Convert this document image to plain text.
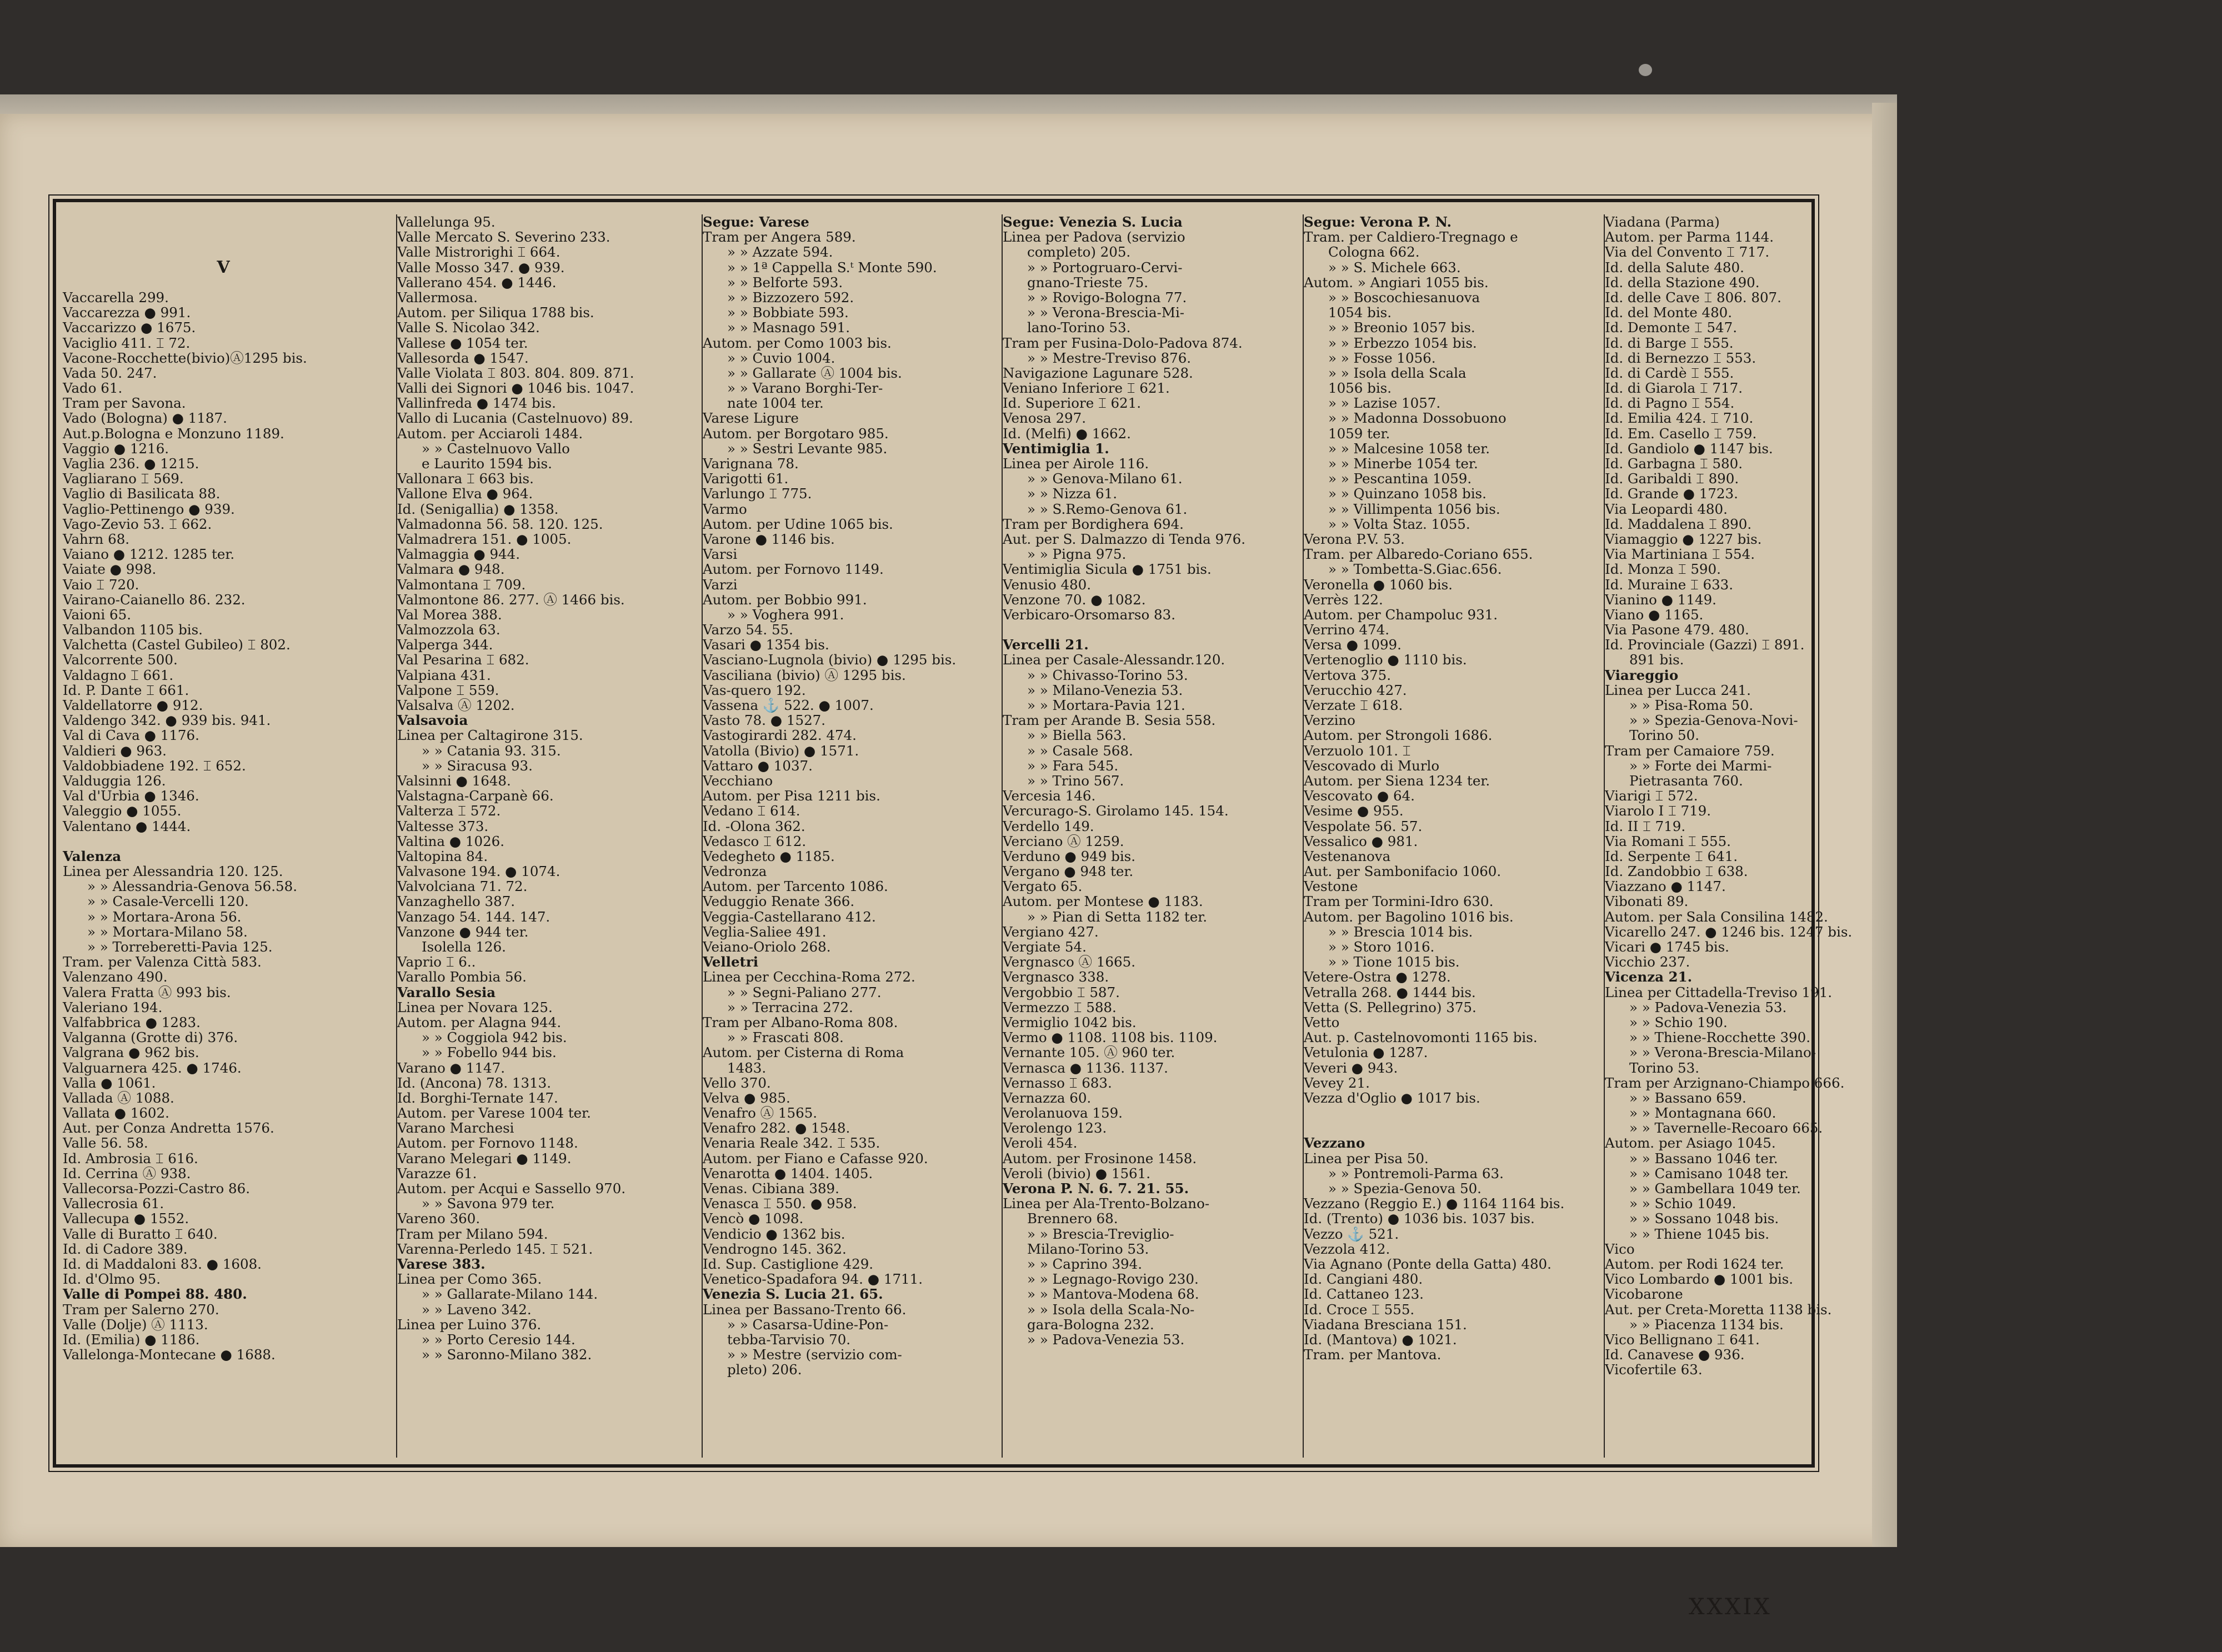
V
Vaccarella 299.
Vaccarezza ● 991.
Vaccarizzo ● 1675.
Vaciglio 411. ⌶ 72.
Vacone-Rocchette(bivio)Ⓐ1295 bis.
Vada 50. 247.
Vado 61.
Tram per Savona.
Vado (Bologna) ● 1187.
Aut.p.Bologna e Monzuno 1189.
Vaggio ● 1216.
Vaglia 236. ● 1215.
Vagliarano ⌶ 569.
Vaglio di Basilicata 88.
Vaglio-Pettinengo ● 939.
Vago-Zevio 53. ⌶ 662.
Vahrn 68.
Vaiano ● 1212. 1285 ter.
Vaiate ● 998.
Vaio ⌶ 720.
Vairano-Caianello 86. 232.
Vaioni 65.
Valbandon 1105 bis.
Valchetta (Castel Gubileo) ⌶ 802.
Valcorrente 500.
Valdagno ⌶ 661.
Id. P. Dante ⌶ 661.
Valdellatorre ● 912.
Valdengo 342. ● 939 bis. 941.
Val di Cava ● 1176.
Valdieri ● 963.
Valdobbiadene 192. ⌶ 652.
Valduggia 126.
Val d'Urbia ● 1346.
Valeggio ● 1055.
Valentano ● 1444.
Valenza
Linea per Alessandria 120. 125.
» » Alessandria-Genova 56.58.
» » Casale-Vercelli 120.
» » Mortara-Arona 56.
» » Mortara-Milano 58.
» » Torreberetti-Pavia 125.
Tram. per Valenza Città 583.
Valenzano 490.
Valera Fratta Ⓐ 993 bis.
Valeriano 194.
Valfabbrica ● 1283.
Valganna (Grotte di) 376.
Valgrana ● 962 bis.
Valguarnera 425. ● 1746.
Valla ● 1061.
Vallada Ⓐ 1088.
Vallata ● 1602.
Aut. per Conza Andretta 1576.
Valle 56. 58.
Id. Ambrosia ⌶ 616.
Id. Cerrina Ⓐ 938.
Vallecorsa-Pozzi-Castro 86.
Vallecrosia 61.
Vallecupa ● 1552.
Valle di Buratto ⌶ 640.
Id. di Cadore 389.
Id. di Maddaloni 83. ● 1608.
Id. d'Olmo 95.
Valle di Pompei 88. 480.
Tram per Salerno 270.
Valle (Dolje) Ⓐ 1113.
Id. (Emilia) ● 1186.
Vallelonga-Montecane ● 1688.
Vallelunga 95.
Valle Mercato S. Severino 233.
Valle Mistrorighi ⌶ 664.
Valle Mosso 347. ● 939.
Vallerano 454. ● 1446.
Vallermosa.
Autom. per Siliqua 1788 bis.
Valle S. Nicolao 342.
Vallese ● 1054 ter.
Vallesorda ● 1547.
Valle Violata ⌶ 803. 804. 809. 871.
Valli dei Signori ● 1046 bis. 1047.
Vallinfreda ● 1474 bis.
Vallo di Lucania (Castelnuovo) 89.
Autom. per Acciaroli 1484.
» » Castelnuovo Vallo
e Laurito 1594 bis.
Vallonara ⌶ 663 bis.
Vallone Elva ● 964.
Id. (Senigallia) ● 1358.
Valmadonna 56. 58. 120. 125.
Valmadrera 151. ● 1005.
Valmaggia ● 944.
Valmara ● 948.
Valmontana ⌶ 709.
Valmontone 86. 277. Ⓐ 1466 bis.
Val Morea 388.
Valmozzola 63.
Valperga 344.
Val Pesarina ⌶ 682.
Valpiana 431.
Valpone ⌶ 559.
Valsalva Ⓐ 1202.
Valsavoia
Linea per Caltagirone 315.
» » Catania 93. 315.
» » Siracusa 93.
Valsinni ● 1648.
Valstagna-Carpanè 66.
Valterza ⌶ 572.
Valtesse 373.
Valtina ● 1026.
Valtopina 84.
Valvasone 194. ● 1074.
Valvolciana 71. 72.
Vanzaghello 387.
Vanzago 54. 144. 147.
Vanzone ● 944 ter.
Isolella 126.
Vaprio ⌶ 6..
Varallo Pombia 56.
Varallo Sesia
Linea per Novara 125.
Autom. per Alagna 944.
» » Coggiola 942 bis.
» » Fobello 944 bis.
Varano ● 1147.
Id. (Ancona) 78. 1313.
Id. Borghi-Ternate 147.
Autom. per Varese 1004 ter.
Varano Marchesi
Autom. per Fornovo 1148.
Varano Melegari ● 1149.
Varazze 61.
Autom. per Acqui e Sassello 970.
» » Savona 979 ter.
Vareno 360.
Tram per Milano 594.
Varenna-Perledo 145. ⌶ 521.
Varese 383.
Linea per Como 365.
» » Gallarate-Milano 144.
» » Laveno 342.
Linea per Luino 376.
» » Porto Ceresio 144.
» » Saronno-Milano 382.
Segue: Varese
Tram per Angera 589.
» » Azzate 594.
» » 1ª Cappella S.ᵗ Monte 590.
» » Belforte 593.
» » Bizzozero 592.
» » Bobbiate 593.
» » Masnago 591.
Autom. per Como 1003 bis.
» » Cuvio 1004.
» » Gallarate Ⓐ 1004 bis.
» » Varano Borghi-Ter-
nate 1004 ter.
Varese Ligure
Autom. per Borgotaro 985.
» » Sestri Levante 985.
Varignana 78.
Varigotti 61.
Varlungo ⌶ 775.
Varmo
Autom. per Udine 1065 bis.
Varone ● 1146 bis.
Varsi
Autom. per Fornovo 1149.
Varzi
Autom. per Bobbio 991.
» » Voghera 991.
Varzo 54. 55.
Vasari ● 1354 bis.
Vasciano-Lugnola (bivio) ● 1295 bis.
Vasciliana (bivio) Ⓐ 1295 bis.
Vas-quero 192.
Vassena ⚓ 522. ● 1007.
Vasto 78. ● 1527.
Vastogirardi 282. 474.
Vatolla (Bivio) ● 1571.
Vattaro ● 1037.
Vecchiano
Autom. per Pisa 1211 bis.
Vedano ⌶ 614.
Id. -Olona 362.
Vedasco ⌶ 612.
Vedegheto ● 1185.
Vedronza
Autom. per Tarcento 1086.
Veduggio Renate 366.
Veggia-Castellarano 412.
Veglia-Saliee 491.
Veiano-Oriolo 268.
Velletri
Linea per Cecchina-Roma 272.
» » Segni-Paliano 277.
» » Terracina 272.
Tram per Albano-Roma 808.
» » Frascati 808.
Autom. per Cisterna di Roma
1483.
Vello 370.
Velva ● 985.
Venafro Ⓐ 1565.
Venafro 282. ● 1548.
Venaria Reale 342. ⌶ 535.
Autom. per Fiano e Cafasse 920.
Venarotta ● 1404. 1405.
Venas. Cibiana 389.
Venasca ⌶ 550. ● 958.
Vencò ● 1098.
Vendicio ● 1362 bis.
Vendrogno 145. 362.
Id. Sup. Castiglione 429.
Venetico-Spadafora 94. ● 1711.
Venezia S. Lucia 21. 65.
Linea per Bassano-Trento 66.
» » Casarsa-Udine-Pon-
tebba-Tarvisio 70.
» » Mestre (servizio com-
pleto) 206.
Segue: Venezia S. Lucia
Linea per Padova (servizio
completo) 205.
» » Portogruaro-Cervi-
gnano-Trieste 75.
» » Rovigo-Bologna 77.
» » Verona-Brescia-Mi-
lano-Torino 53.
Tram per Fusina-Dolo-Padova 874.
» » Mestre-Treviso 876.
Navigazione Lagunare 528.
Veniano Inferiore ⌶ 621.
Id. Superiore ⌶ 621.
Venosa 297.
Id. (Melfi) ● 1662.
Ventimiglia 1.
Linea per Airole 116.
» » Genova-Milano 61.
» » Nizza 61.
» » S.Remo-Genova 61.
Tram per Bordighera 694.
Aut. per S. Dalmazzo di Tenda 976.
» » Pigna 975.
Ventimiglia Sicula ● 1751 bis.
Venusio 480.
Venzone 70. ● 1082.
Verbicaro-Orsomarso 83.
Vercelli 21.
Linea per Casale-Alessandr.120.
» » Chivasso-Torino 53.
» » Milano-Venezia 53.
» » Mortara-Pavia 121.
Tram per Arande B. Sesia 558.
» » Biella 563.
» » Casale 568.
» » Fara 545.
» » Trino 567.
Vercesia 146.
Vercurago-S. Girolamo 145. 154.
Verdello 149.
Verciano Ⓐ 1259.
Verduno ● 949 bis.
Vergano ● 948 ter.
Vergato 65.
Autom. per Montese ● 1183.
» » Pian di Setta 1182 ter.
Vergiano 427.
Vergiate 54.
Vergnasco Ⓐ 1665.
Vergnasco 338.
Vergobbio ⌶ 587.
Vermezzo ⌶ 588.
Vermiglio 1042 bis.
Vermo ● 1108. 1108 bis. 1109.
Vernante 105. Ⓐ 960 ter.
Vernasca ● 1136. 1137.
Vernasso ⌶ 683.
Vernazza 60.
Verolanuova 159.
Verolengo 123.
Veroli 454.
Autom. per Frosinone 1458.
Veroli (bivio) ● 1561.
Verona P. N. 6. 7. 21. 55.
Linea per Ala-Trento-Bolzano-
Brennero 68.
» » Brescia-Treviglio-
Milano-Torino 53.
» » Caprino 394.
» » Legnago-Rovigo 230.
» » Mantova-Modena 68.
» » Isola della Scala-No-
gara-Bologna 232.
» » Padova-Venezia 53.
Segue: Verona P. N.
Tram. per Caldiero-Tregnago e
Cologna 662.
» » S. Michele 663.
Autom. » Angiari 1055 bis.
» » Boscochiesanuova
1054 bis.
» » Breonio 1057 bis.
» » Erbezzo 1054 bis.
» » Fosse 1056.
» » Isola della Scala
1056 bis.
» » Lazise 1057.
» » Madonna Dossobuono
1059 ter.
» » Malcesine 1058 ter.
» » Minerbe 1054 ter.
» » Pescantina 1059.
» » Quinzano 1058 bis.
» » Villimpenta 1056 bis.
» » Volta Staz. 1055.
Verona P.V. 53.
Tram. per Albaredo-Coriano 655.
» » Tombetta-S.Giac.656.
Veronella ● 1060 bis.
Verrès 122.
Autom. per Champoluc 931.
Verrino 474.
Versa ● 1099.
Vertenoglio ● 1110 bis.
Vertova 375.
Verucchio 427.
Verzate ⌶ 618.
Verzino
Autom. per Strongoli 1686.
Verzuolo 101. ⌶
Vescovado di Murlo
Autom. per Siena 1234 ter.
Vescovato ● 64.
Vesime ● 955.
Vespolate 56. 57.
Vessalico ● 981.
Vestenanova
Aut. per Sambonifacio 1060.
Vestone
Tram per Tormini-Idro 630.
Autom. per Bagolino 1016 bis.
» » Brescia 1014 bis.
» » Storo 1016.
» » Tione 1015 bis.
Vetere-Ostra ● 1278.
Vetralla 268. ● 1444 bis.
Vetta (S. Pellegrino) 375.
Vetto
Aut. p. Castelnovomonti 1165 bis.
Vetulonia ● 1287.
Veveri ● 943.
Vevey 21.
Vezza d'Oglio ● 1017 bis.
Vezzano
Linea per Pisa 50.
» » Pontremoli-Parma 63.
» » Spezia-Genova 50.
Vezzano (Reggio E.) ● 1164 1164 bis.
Id. (Trento) ● 1036 bis. 1037 bis.
Vezzo ⚓ 521.
Vezzola 412.
Via Agnano (Ponte della Gatta) 480.
Id. Cangiani 480.
Id. Cattaneo 123.
Id. Croce ⌶ 555.
Viadana Bresciana 151.
Id. (Mantova) ● 1021.
Tram. per Mantova.
Viadana (Parma)
Autom. per Parma 1144.
Via del Convento ⌶ 717.
Id. della Salute 480.
Id. della Stazione 490.
Id. delle Cave ⌶ 806. 807.
Id. del Monte 480.
Id. Demonte ⌶ 547.
Id. di Barge ⌶ 555.
Id. di Bernezzo ⌶ 553.
Id. di Cardè ⌶ 555.
Id. di Giarola ⌶ 717.
Id. di Pagno ⌶ 554.
Id. Emilia 424. ⌶ 710.
Id. Em. Casello ⌶ 759.
Id. Gandiolo ● 1147 bis.
Id. Garbagna ⌶ 580.
Id. Garibaldi ⌶ 890.
Id. Grande ● 1723.
Via Leopardi 480.
Id. Maddalena ⌶ 890.
Viamaggio ● 1227 bis.
Via Martiniana ⌶ 554.
Id. Monza ⌶ 590.
Id. Muraine ⌶ 633.
Vianino ● 1149.
Viano ● 1165.
Via Pasone 479. 480.
Id. Provinciale (Gazzi) ⌶ 891.
891 bis.
Viareggio
Linea per Lucca 241.
» » Pisa-Roma 50.
» » Spezia-Genova-Novi-
Torino 50.
Tram per Camaiore 759.
» » Forte dei Marmi-
Pietrasanta 760.
Viarigi ⌶ 572.
Viarolo I ⌶ 719.
Id. II ⌶ 719.
Via Romani ⌶ 555.
Id. Serpente ⌶ 641.
Id. Zandobbio ⌶ 638.
Viazzano ● 1147.
Vibonati 89.
Autom. per Sala Consilina 1482.
Vicarello 247. ● 1246 bis. 1247 bis.
Vicari ● 1745 bis.
Vicchio 237.
Vicenza 21.
Linea per Cittadella-Treviso 191.
» » Padova-Venezia 53.
» » Schio 190.
» » Thiene-Rocchette 390.
» » Verona-Brescia-Milano-
Torino 53.
Tram per Arzignano-Chiampo 666.
» » Bassano 659.
» » Montagnana 660.
» » Tavernelle-Recoaro 665.
Autom. per Asiago 1045.
» » Bassano 1046 ter.
» » Camisano 1048 ter.
» » Gambellara 1049 ter.
» » Schio 1049.
» » Sossano 1048 bis.
» » Thiene 1045 bis.
Vico
Autom. per Rodi 1624 ter.
Vico Lombardo ● 1001 bis.
Vicobarone
Aut. per Creta-Moretta 1138 bis.
» » Piacenza 1134 bis.
Vico Bellignano ⌶ 641.
Id. Canavese ● 936.
Vicofertile 63.
XXXIX
